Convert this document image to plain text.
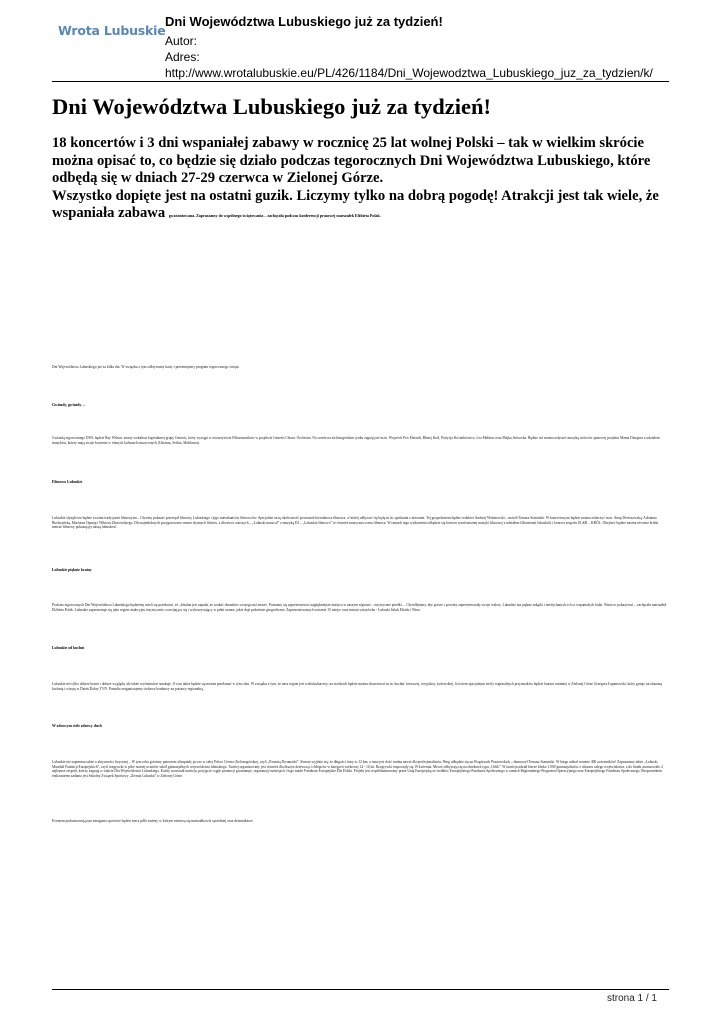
Wrota Lubuskie
Dni Województwa Lubuskiego już za tydzień!
Autor:
Adres:
http://www.wrotalubuskie.eu/PL/426/1184/Dni_Wojewodztwa_Lubuskiego_juz_za_tydzien/k/
Dni Województwa Lubuskiego już za tydzień!

18 koncertów i 3 dni wspaniałej zabawy w rocznicę 25 lat wolnej Polski – tak w wielkim skrócie można opisać to, co będzie się działo podczas tegorocznych Dni Województwa Lubuskiego, które odbędą się w dniach 27-29 czerwca w Zielonej Górze.

Wszystko dopięte jest na ostatni guzik. Liczymy tylko na dobrą pogodę! Atrakcji jest tak wiele, że wspaniała zabawa gwarantowana. Zapraszamy do wspólnego świętowania – zachęcała podczas konferencji prasowej marszałek Elżbieta Polak.

Dni Województwa Lubuskiego już za kilka dni. W związku z tym odkrywamy karty i prezentujemy program tegorocznego święta.

Gwiazdy, gwiazdy…

Gwiazdą tegorocznego DWL będzie Ray Wilson: znany wokalista legendarnej grupy Genesis, który wystąpi w towarzystwie Filharmoników w projekcie Genesis Classic Orchestra. Na scenie na zielonogórskim rynku zagrają też m.in. Wojciech Fox Eheardt, Błażej Król, Patrycja Kosiarkiewicz, Lea Melinus oraz Majka Jeżowska. Będzie też można usłyszeć muzykę twórców spinowej projektu Mama Diaspora z udziałem muzyków, którzy mają swoje korzenie w różnych kulturach muzycznych (Ukraina, Serbia, Mołdawia).

Filmowo Lubuskie

Lubuskie słynęło też będzie swoimi tradycjami filmowymi – Chcemy pokazać potencjał filmowy Lubuskiego i jego mieszkańców filmowców. Specjalnie na tę okoliczność powstanie kierunkowa filmowa, w której odbywać się będą m.in. spotkania z aktorami. Tej gospodarzem będzie redaktor Andrzej Woźniewski – mówił Tomasz Stamirski. W koncertowym będzie można zobaczyć m.in. Annę Dereszowską, Adrianna Biedrzyńską, Mariusza Opanię i Wiktora Zborowskiego. Dla najmłodszych przygotowano seanse słynnych filmów, a dla nieco starszych – „Lubuski musical” z muzyką DJ – „Lubuskie filmowo” to również muzyczna scena filmowa. W ramach tego wydarzenia odbędzie się koncert symfonicznej muzyki filmowej z udziałem filharmonii lubuskich i koncert zespołu ULKR – KRÓL. Obejrzeć będzie można również krótki metraż filmowy pokazujący naszą lubuskość.

Lubuskie pięknie krainy

Podczas tegorocznych Dni Województwa Lubuskiego będziemy mieli się przekonać, że „lokalna jest zapada, że szukać obrazków swojego niż znacie. Poznamy się zaprezentować najpiękniejsze miejsca w naszym regionie – turystyczne perełki. – Chcielibyśmy, aby goście i powiaty zaprezentowały swoje walory. Lubuskie ma piękne zakątki i niesłychanych ich to wspaniałych ludzi. Warto to pokazywać – zachęcała marszałek Elżbieta Polak. Lubuskie zaprezentuje się jako region atrakcyjny turystycznie, rozwijający się i wykorzystujący w pełni szanse, jakie daje położenie geograficzne. Zaprezentowanych zostanie 15 miejsc oraz miasta wizytówka - Lubuski Szlak Miodu i Wina.

Lubuskie od kuchni

Lubuskie nie tylko dobrze brzmi i dobrze wygląda, ale także wyśmienicie smakuje. O tym także będzie się można przekonać w tym roku. W związku z tym, że nasz region jest wielokulturowy, na stoiskach będzie można skosztować m.in. kuchni: kresowej, rosyjskiej, żydowskiej. Gościem specjalnym strefy regionalnych przysmaków będzie laureat ostatniej w Zielonej Górze Grzegorz Łapanowski, który gotuje na okazaną kuchnię i wizytę w Dzień Dobry TVN. Ponadto zorganizujemy ciekawe konkursy na potrawy regionalną.

W zdrowym ciele zdrowy duch

Lubuskie nie zapomina także o aktywności fizycznej – W tym roku gościmy patronem olimpiady po raz w całej Polsce Ciesno-Zielonogórskiej, czyli „Parasitą Dwumarki”. Starsze wyjdzie się, że długości trasy to 12 km, a trasa jest dość trudna nawet dla profesjonalistów. Bieg odbędzie się na Wzgórzach Piastowskich – dumaczył Tomasz Stamirski. W biegu udział wezmie 400 uczestników! Zapraszamy także „Lubuski Mundial Fundacji Europejskich”, czyli rozgrywki w piłce nożnej uczniów szkół gimnazjalnych województwa lubuskiego. Turniej organizowany jest również dla drużyn dziewcząt i chłopców w kategorii wiekowej 14 - 16 lat. Rozgrywki rozpoczęły się 19 kwietnia. Mecze odbywają się na obiektach typu „Orlik”. W turnieju udział bierze blisko 1.000 gimnazjalistów z obszaru całego województwa, a do finału awansowało 4 najlepsze zespoły, którzy zagrają w trakcie Dni Województwa Lubuskiego. Każdy uczestnik turnieju, przyjęcie ciągle promocji gwarantuje, organizacji turniejach i logo marki Fundusze Europejskie Dla Polski. Projekt jest współfinansowany przez Unię Europejską ze środków Europejskiego Funduszu Społecznego w ramach Regionalnego Programu Operacyjnego oraz Europejskiego Funduszu Społecznego. Bezpośrednim realizatorem zadania jest Szkolny Związek Sportowy „Ziemia Lubuska” w Zielonej Górze.

Eventem podsumowującym zmagania sportowe będzie mecz piłki nożnej, w którym zmierzą się marszałkowie sąsiedniej oraz dziennikarze.

strona 1 / 1
